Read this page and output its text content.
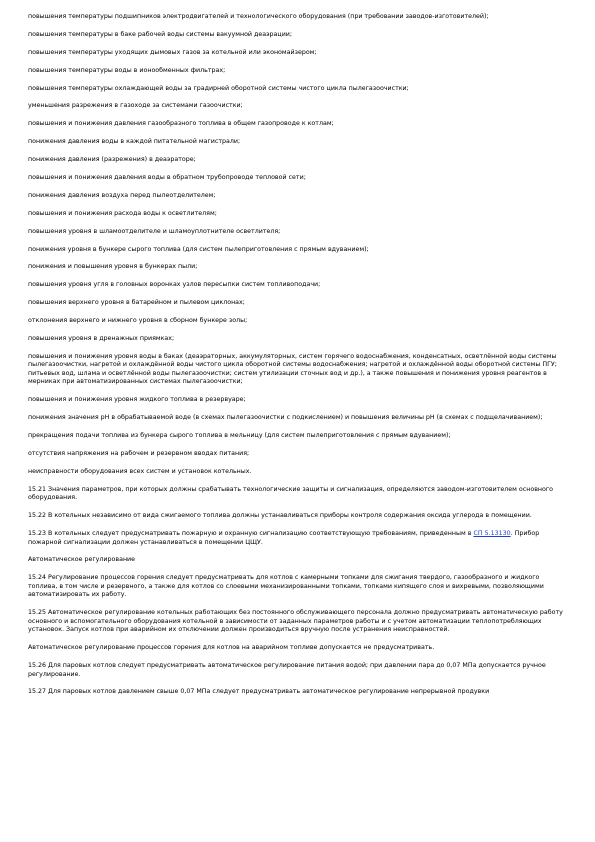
повышения температуры подшипников электродвигателей и технологического оборудования (при требовании заводов-изготовителей);

повышения температуры в баке рабочей воды системы вакуумной деаэрации;

повышения температуры уходящих дымовых газов за котельной или экономайзером;

повышения температуры воды в ионообменных фильтрах;

повышения температуры охлаждающей воды за градирней оборотной системы чистого цикла пылегазоочистки;

уменьшения разрежения в газоходе за системами газоочистки;

повышения и понижения давления газообразного топлива в общем газопроводе к котлам;

понижения давления воды в каждой питательной магистрали;

понижения давления (разрежения) в деаэраторе;

повышения и понижения давления воды в обратном трубопроводе тепловой сети;

понижения давления воздуха перед пылеотделителем;

повышения и понижения расхода воды к осветлителям;

повышения уровня в шламоотделителе и шламоуплотнителе осветлителя;

понижения уровня в бункере сырого топлива (для систем пылеприготовления с прямым вдуванием);

понижения и повышения уровня в бункерах пыли;

повышения уровня угля в головных воронках узлов пересыпки систем топливоподачи;

повышения верхнего уровня в батарейном и пылевом циклонах;

отклонения верхнего и нижнего уровня в сборном бункере золы;

повышения уровня в дренажных приямках;

повышения и понижения уровня воды в баках (деаэраторных, аккумуляторных, систем горячего водоснабжения, конденсатных, осветлённой воды системы пылегазоочистки, нагретой и охлаждённой воды чистого цикла оборотной системы водоснабжения; нагретой и охлаждённой воды оборотной системы ПГУ; питьевых вод, шлама и осветлённой воды пылегазоочистки; систем утилизации сточных вод и др.), а также повышения и понижения уровня реагентов в мерниках при автоматизированных системах пылегазоочистки;

повышения и понижения уровня жидкого топлива в резервуаре;

понижения значения pH в обрабатываемой воде (в схемах пылегазоочистки с подкислением) и повышения величины pH (в схемах с подщелачиванием);

прекращения подачи топлива из бункера сырого топлива в мельницу (для систем пылеприготовления с прямым вдуванием);

отсутствия напряжения на рабочем и резервном вводах питания;

неисправности оборудования всех систем и установок котельных.

15.21 Значения параметров, при которых должны срабатывать технологические защиты и сигнализация, определяются заводом-изготовителем основного оборудования.

15.22 В котельных независимо от вида сжигаемого топлива должны устанавливаться приборы контроля содержания оксида углерода в помещении.

15.23 В котельных следует предусматривать пожарную и охранную сигнализацию соответствующую требованиям, приведенным в СП 5.13130. Прибор пожарной сигнализации должен устанавливаться в помещении ЦЩУ.

Автоматическое регулирование

15.24 Регулирование процессов горения следует предусматривать для котлов с камерными топками для сжигания твердого, газообразного и жидкого топлива, в том числе и резервного, а также для котлов со слоевыми механизированными топками, топками кипящего слоя и вихревыми, позволяющими автоматизировать их работу.

15.25 Автоматическое регулирование котельных работающих без постоянного обслуживающего персонала должно предусматривать автоматическую работу основного и вспомогательного оборудования котельной в зависимости от заданных параметров работы и с учетом автоматизации теплопотребляющих установок. Запуск котлов при аварийном их отключении должен производиться вручную после устранения неисправностей.

Автоматическое регулирование процессов горения для котлов на аварийном топливе допускается не предусматривать.

15.26 Для паровых котлов следует предусматривать автоматическое регулирование питания водой; при давлении пара до 0,07 МПа допускается ручное регулирование.

15.27 Для паровых котлов давлением свыше 0,07 МПа следует предусматривать автоматическое регулирование непрерывной продувки
